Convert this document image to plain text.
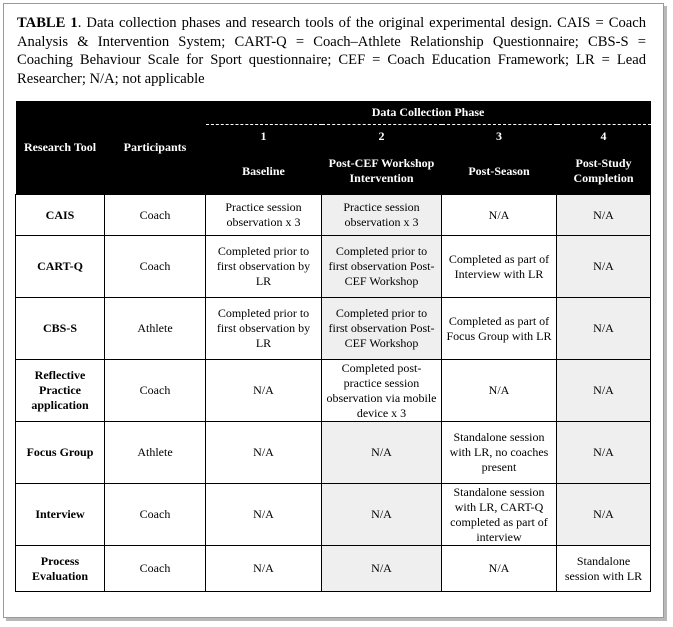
TABLE 1. Data collection phases and research tools of the original experimental design. CAIS = Coach Analysis & Intervention System; CART-Q = Coach–Athlete Relationship Questionnaire; CBS-S = Coaching Behaviour Scale for Sport questionnaire; CEF = Coach Education Framework; LR = Lead Researcher; N/A; not applicable
Research Tool	Participants	Data Collection Phase			
		1	2	3	4
		Baseline	Post-CEF Workshop Intervention	Post-Season	Post-Study Completion
CAIS	Coach	Practice session observation x 3	Practice session observation x 3	N/A	N/A
CART-Q	Coach	Completed prior to first observation by LR	Completed prior to first observation Post-CEF Workshop	Completed as part of Interview with LR	N/A
CBS-S	Athlete	Completed prior to first observation by LR	Completed prior to first observation Post-CEF Workshop	Completed as part of Focus Group with LR	N/A
Reflective Practice application	Coach	N/A	Completed post-practice session observation via mobile device x 3	N/A	N/A
Focus Group	Athlete	N/A	N/A	Standalone session with LR, no coaches present	N/A
Interview	Coach	N/A	N/A	Standalone session with LR, CART-Q completed as part of interview	N/A
Process Evaluation	Coach	N/A	N/A	N/A	Standalone session with LR
